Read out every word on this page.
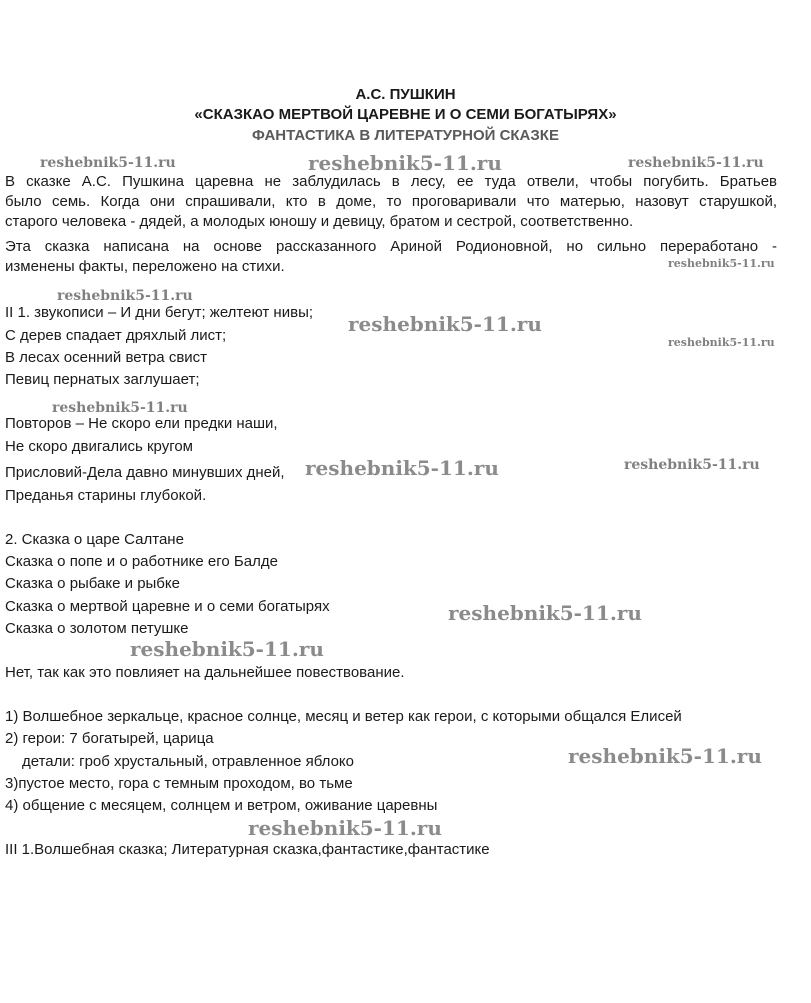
А.С. ПУШКИН
«СКАЗКАО МЕРТВОЙ ЦАРЕВНЕ И О СЕМИ БОГАТЫРЯХ»
ФАНТАСТИКА В ЛИТЕРАТУРНОЙ СКАЗКЕ
В сказке А.С. Пушкина царевна не заблудилась в лесу, ее туда отвели, чтобы погубить. Братьев
было семь. Когда они спрашивали, кто в доме, то проговаривали что матерью, назовут старушкой,
старого человека - дядей, а молодых юношу и девицу, братом и сестрой, соответственно.
Эта сказка написана на основе рассказанного Ариной Родионовной, но сильно переработано -
изменены факты, переложено на стихи.
II 1. звукописи – И дни бегут; желтеют нивы;
С дерев спадает дряхлый лист;
В лесах осенний ветра свист
Певиц пернатых заглушает;
Повторов – Не скоро ели предки наши,
Не скоро двигались кругом
Присловий-Дела давно минувших дней,
Преданья старины глубокой.
2. Сказка о царе Салтане
Сказка о попе и о работнике его Балде
Сказка о рыбаке и рыбке
Сказка о мертвой царевне и о семи богатырях
Сказка о золотом петушке
Нет, так как это повлияет на дальнейшее повествование.
1) Волшебное зеркальце, красное солнце, месяц и ветер как герои, с которыми общался Елисей
2) герои: 7 богатырей, царица
детали: гроб хрустальный, отравленное яблоко
3)пустое место, гора с темным проходом, во тьме
4) общение с месяцем, солнцем и ветром, оживание царевны
III 1.Волшебная сказка; Литературная сказка,фантастике,фантастике
reshebnik5-11.ru	reshebnik5-11.ru	reshebnik5-11.ru
reshebnik5-11.ru
reshebnik5-11.ru
reshebnik5-11.ru
reshebnik5-11.ru
reshebnik5-11.ru
reshebnik5-11.ru	reshebnik5-11.ru
reshebnik5-11.ru
reshebnik5-11.ru
reshebnik5-11.ru
reshebnik5-11.ru
